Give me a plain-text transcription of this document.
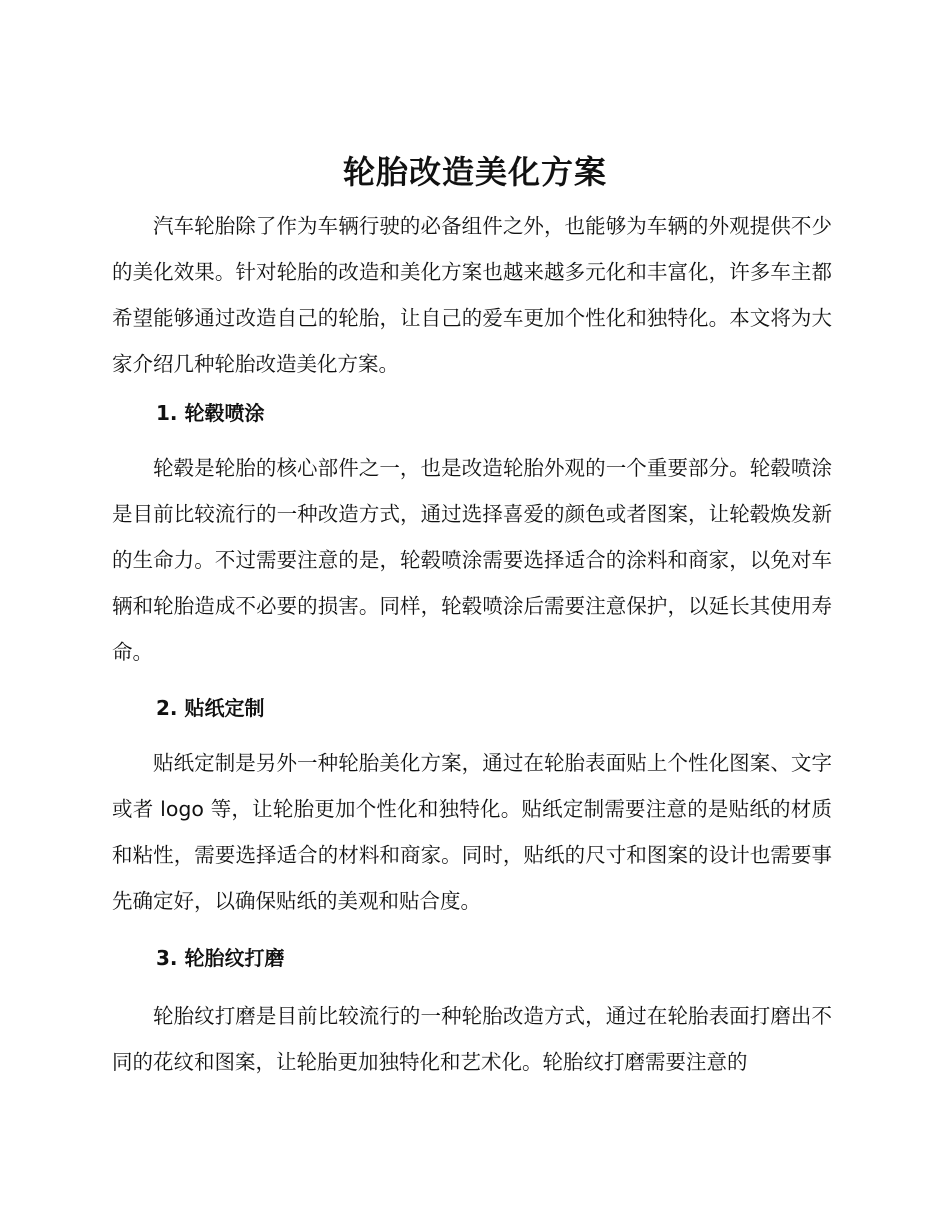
轮胎改造美化方案

汽车轮胎除了作为车辆行驶的必备组件之外，也能够为车辆的外观提供不少的美化效果。针对轮胎的改造和美化方案也越来越多元化和丰富化，许多车主都希望能够通过改造自己的轮胎，让自己的爱车更加个性化和独特化。本文将为大家介绍几种轮胎改造美化方案。

1. 轮毂喷涂

轮毂是轮胎的核心部件之一，也是改造轮胎外观的一个重要部分。轮毂喷涂是目前比较流行的一种改造方式，通过选择喜爱的颜色或者图案，让轮毂焕发新的生命力。不过需要注意的是，轮毂喷涂需要选择适合的涂料和商家，以免对车辆和轮胎造成不必要的损害。同样，轮毂喷涂后需要注意保护，以延长其使用寿命。

2. 贴纸定制

贴纸定制是另外一种轮胎美化方案，通过在轮胎表面贴上个性化图案、文字或者 logo 等，让轮胎更加个性化和独特化。贴纸定制需要注意的是贴纸的材质和粘性，需要选择适合的材料和商家。同时，贴纸的尺寸和图案的设计也需要事先确定好，以确保贴纸的美观和贴合度。

3. 轮胎纹打磨

轮胎纹打磨是目前比较流行的一种轮胎改造方式，通过在轮胎表面打磨出不同的花纹和图案，让轮胎更加独特化和艺术化。轮胎纹打磨需要注意的
